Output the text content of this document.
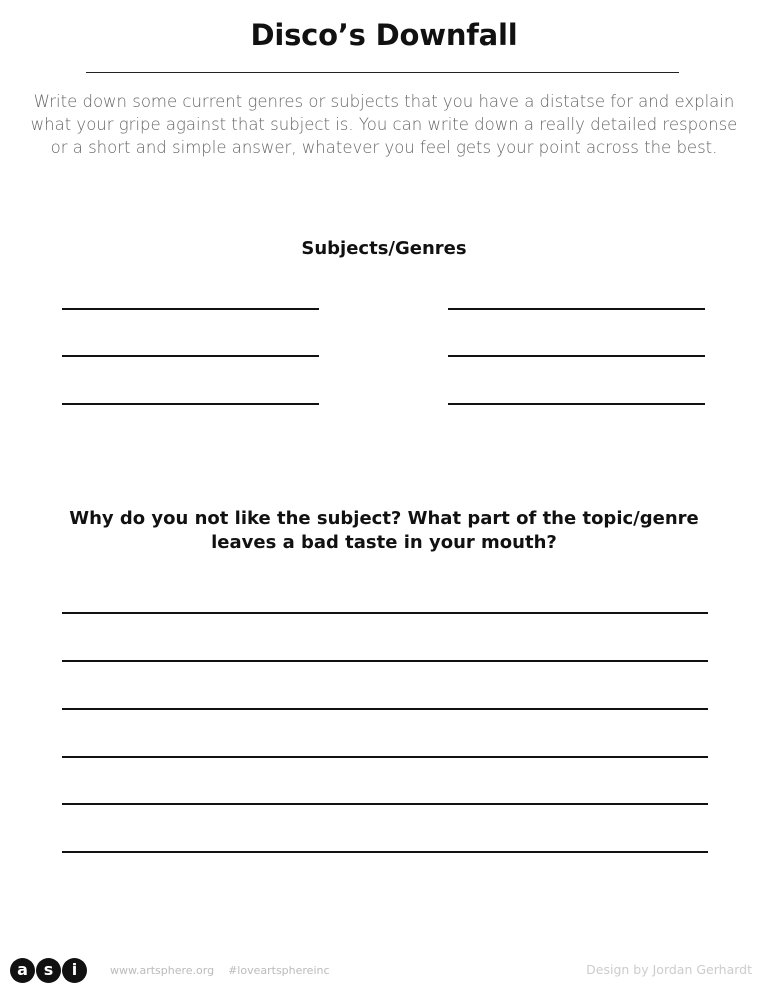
Disco’s Downfall
Write down some current genres or subjects that you have a distatse for and explain what your gripe against that subject is. You can write down a really detailed response or a short and simple answer, whatever you feel gets your point across the best.
Subjects/Genres
Why do you not like the subject? What part of the topic/genre
leaves a bad taste in your mouth?
a s	i	www.artsphere.org #loveartsphereinc	Design by Jordan Gerhardt
